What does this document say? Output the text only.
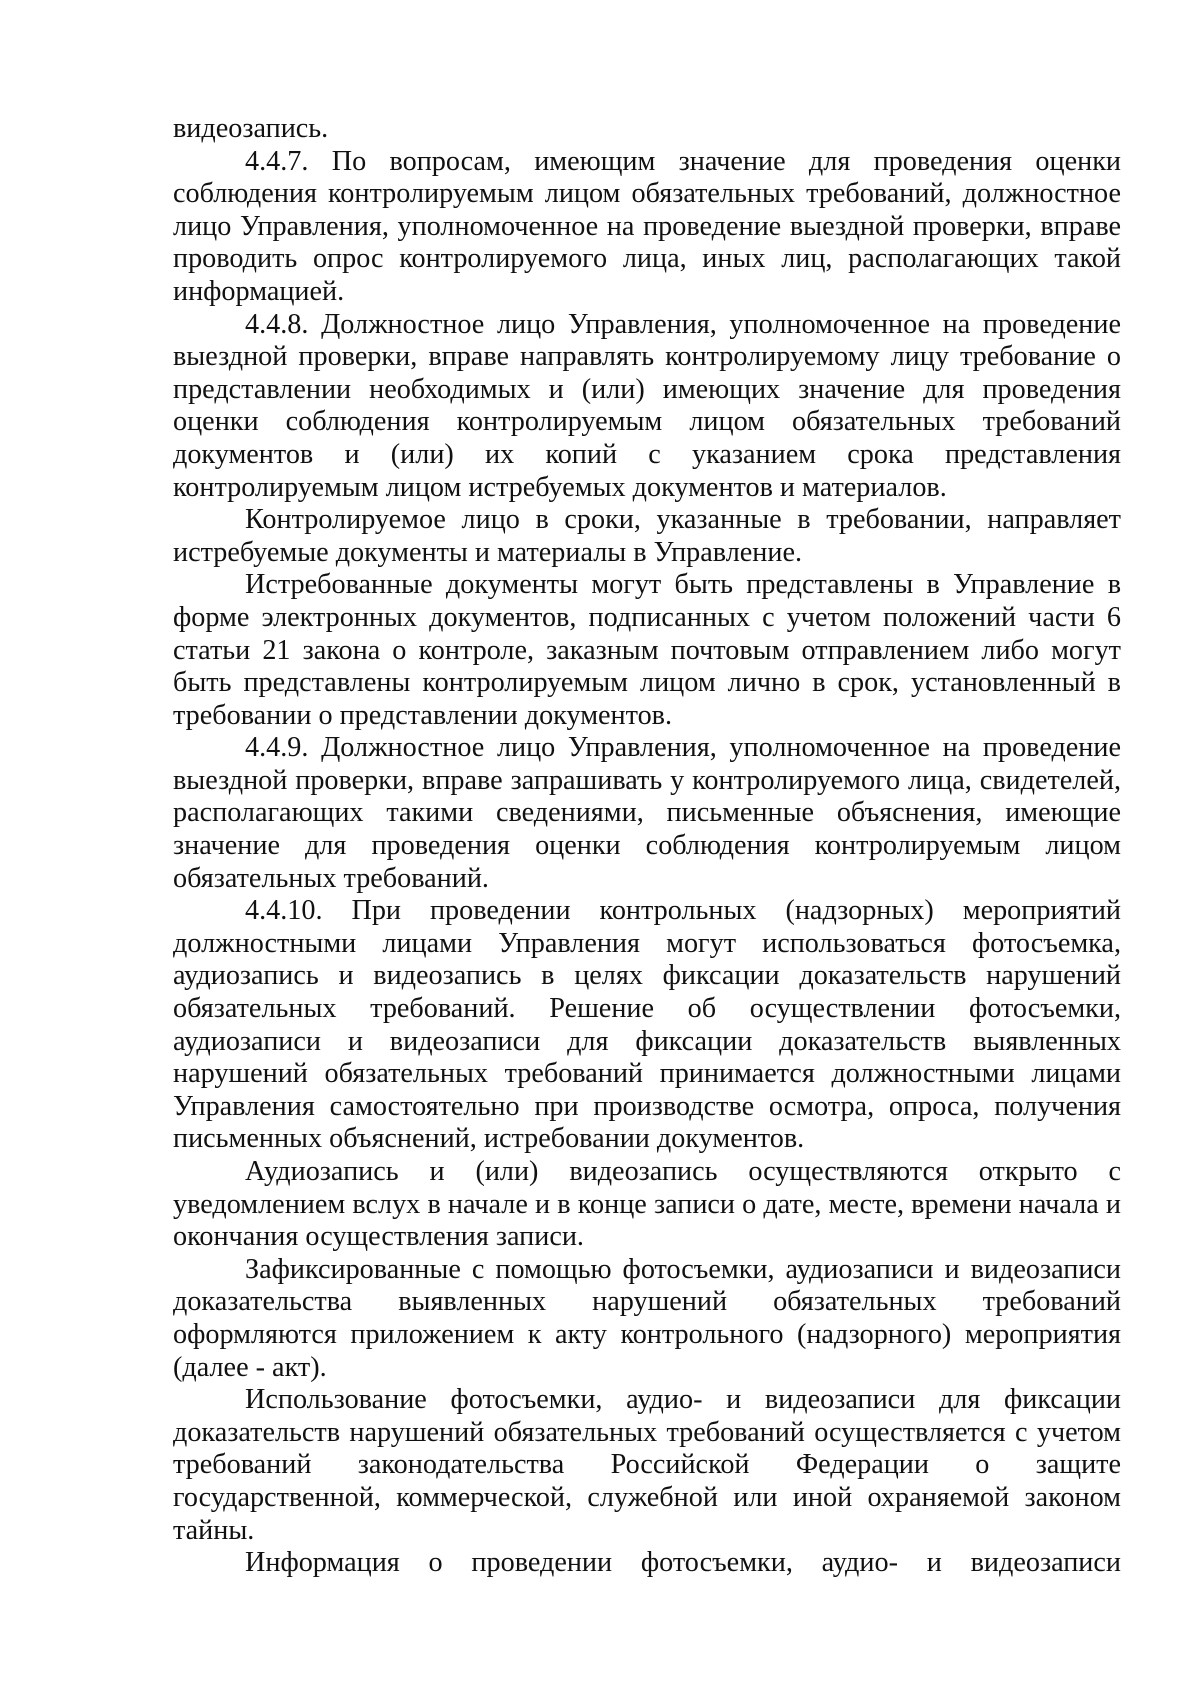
видеозапись.

4.4.7. По вопросам, имеющим значение для проведения оценки соблюдения контролируемым лицом обязательных требований, должностное лицо Управления, уполномоченное на проведение выездной проверки, вправе проводить опрос контролируемого лица, иных лиц, располагающих такой информацией.

4.4.8. Должностное лицо Управления, уполномоченное на проведение выездной проверки, вправе направлять контролируемому лицу требование о представлении необходимых и (или) имеющих значение для проведения оценки соблюдения контролируемым лицом обязательных требований документов и (или) их копий с указанием срока представления контролируемым лицом истребуемых документов и материалов.

Контролируемое лицо в сроки, указанные в требовании, направляет истребуемые документы и материалы в Управление.

Истребованные документы могут быть представлены в Управление в форме электронных документов, подписанных с учетом положений части 6 статьи 21 закона о контроле, заказным почтовым отправлением либо могут быть представлены контролируемым лицом лично в срок, установленный в требовании о представлении документов.

4.4.9. Должностное лицо Управления, уполномоченное на проведение выездной проверки, вправе запрашивать у контролируемого лица, свидетелей, располагающих такими сведениями, письменные объяснения, имеющие значение для проведения оценки соблюдения контролируемым лицом обязательных требований.

4.4.10. При проведении контрольных (надзорных) мероприятий должностными лицами Управления могут использоваться фотосъемка, аудиозапись и видеозапись в целях фиксации доказательств нарушений обязательных требований. Решение об осуществлении фотосъемки, аудиозаписи и видеозаписи для фиксации доказательств выявленных нарушений обязательных требований принимается должностными лицами Управления самостоятельно при производстве осмотра, опроса, получения письменных объяснений, истребовании документов.

Аудиозапись и (или) видеозапись осуществляются открыто с уведомлением вслух в начале и в конце записи о дате, месте, времени начала и окончания осуществления записи.

Зафиксированные с помощью фотосъемки, аудиозаписи и видеозаписи доказательства выявленных нарушений обязательных требований оформляются приложением к акту контрольного (надзорного) мероприятия (далее - акт).

Использование фотосъемки, аудио- и видеозаписи для фиксации доказательств нарушений обязательных требований осуществляется с учетом требований законодательства Российской Федерации о защите государственной, коммерческой, служебной или иной охраняемой законом тайны.

Информация о проведении фотосъемки, аудио- и видеозаписи
